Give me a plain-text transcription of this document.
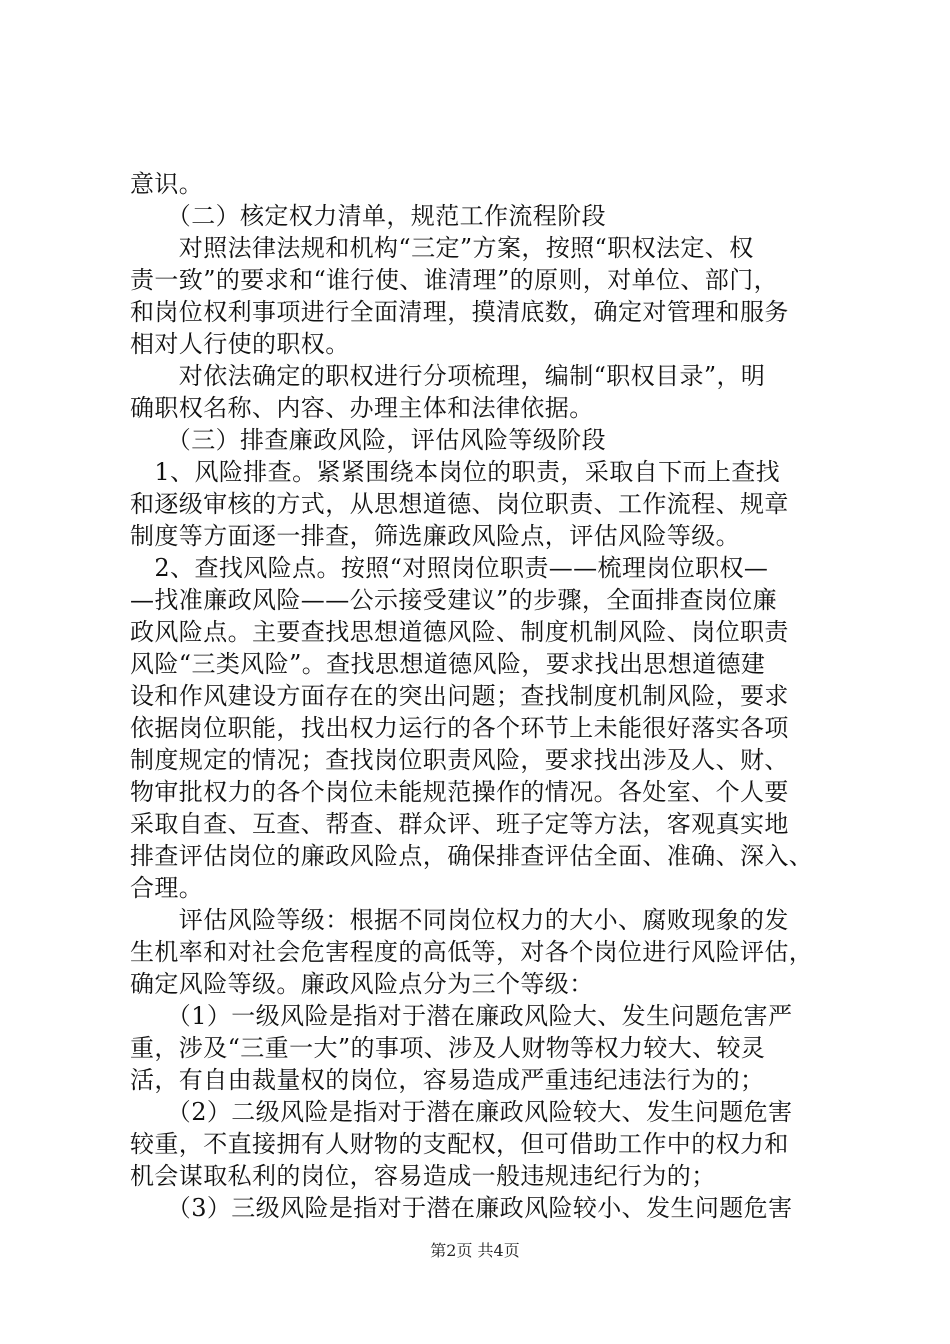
意识。
　　（二）核定权力清单，规范工作流程阶段
　　对照法律法规和机构“三定”方案，按照“职权法定、权
责一致”的要求和“谁行使、谁清理”的原则，对单位、部门，
和岗位权利事项进行全面清理，摸清底数，确定对管理和服务
相对人行使的职权。
　　对依法确定的职权进行分项梳理，编制“职权目录”，明
确职权名称、内容、办理主体和法律依据。
　　（三）排查廉政风险，评估风险等级阶段
　1、风险排查。紧紧围绕本岗位的职责，采取自下而上查找
和逐级审核的方式，从思想道德、岗位职责、工作流程、规章
制度等方面逐一排查，筛选廉政风险点，评估风险等级。
　2、查找风险点。按照“对照岗位职责——梳理岗位职权—
—找准廉政风险——公示接受建议”的步骤，全面排查岗位廉
政风险点。主要查找思想道德风险、制度机制风险、岗位职责
风险“三类风险”。查找思想道德风险，要求找出思想道德建
设和作风建设方面存在的突出问题；查找制度机制风险，要求
依据岗位职能，找出权力运行的各个环节上未能很好落实各项
制度规定的情况；查找岗位职责风险，要求找出涉及人、财、
物审批权力的各个岗位未能规范操作的情况。各处室、个人要
采取自查、互查、帮查、群众评、班子定等方法，客观真实地
排查评估岗位的廉政风险点，确保排查评估全面、准确、深入、
合理。
　　评估风险等级：根据不同岗位权力的大小、腐败现象的发
生机率和对社会危害程度的高低等，对各个岗位进行风险评估，
确定风险等级。廉政风险点分为三个等级：
　　（1）一级风险是指对于潜在廉政风险大、发生问题危害严
重，涉及“三重一大”的事项、涉及人财物等权力较大、较灵
活，有自由裁量权的岗位，容易造成严重违纪违法行为的；
　　（2）二级风险是指对于潜在廉政风险较大、发生问题危害
较重，不直接拥有人财物的支配权，但可借助工作中的权力和
机会谋取私利的岗位，容易造成一般违规违纪行为的；
　　（3）三级风险是指对于潜在廉政风险较小、发生问题危害
第2页 共4页
